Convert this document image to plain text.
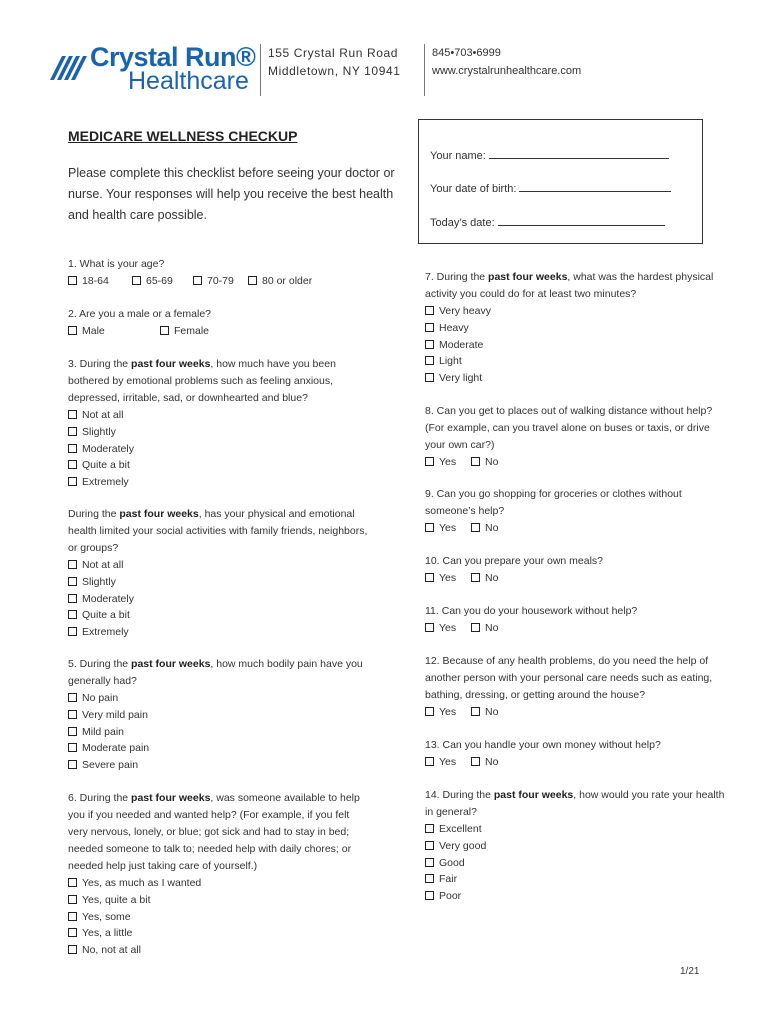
Crystal Run®
Healthcare
155 Crystal Run Road
Middletown, NY 10941
845•703•6999
www.crystalrunhealthcare.com
MEDICARE WELLNESS CHECKUP
Please complete this checklist before seeing your doctor or nurse. Your responses will help you receive the best health and health care possible.
Your name:
Your date of birth:
Today’s date:
1. What is your age?
18-64	65-69	70-79	80 or older
2. Are you a male or a female?
Male	Female
3. During the past four weeks, how much have you been bothered by emotional problems such as feeling anxious, depressed, irritable, sad, or downhearted and blue?
Not at all
Slightly
Moderately
Quite a bit
Extremely
During the past four weeks, has your physical and emotional health limited your social activities with family friends, neighbors, or groups?
Not at all
Slightly
Moderately
Quite a bit
Extremely
5. During the past four weeks, how much bodily pain have you generally had?
No pain
Very mild pain
Mild pain
Moderate pain
Severe pain
6. During the past four weeks, was someone available to help you if you needed and wanted help? (For example, if you felt very nervous, lonely, or blue; got sick and had to stay in bed; needed someone to talk to; needed help with daily chores; or needed help just taking care of yourself.)
Yes, as much as I wanted
Yes, quite a bit
Yes, some
Yes, a little
No, not at all
7. During the past four weeks, what was the hardest physical activity you could do for at least two minutes?
Very heavy
Heavy
Moderate
Light
Very light
8. Can you get to places out of walking distance without help? (For example, can you travel alone on buses or taxis, or drive your own car?)
Yes	No
9. Can you go shopping for groceries or clothes without someone’s help?
Yes	No
10. Can you prepare your own meals?
Yes	No
11. Can you do your housework without help?
Yes	No
12. Because of any health problems, do you need the help of another person with your personal care needs such as eating, bathing, dressing, or getting around the house?
Yes	No
13. Can you handle your own money without help?
Yes	No
14. During the past four weeks, how would you rate your health in general?
Excellent
Very good
Good
Fair
Poor
1/21
